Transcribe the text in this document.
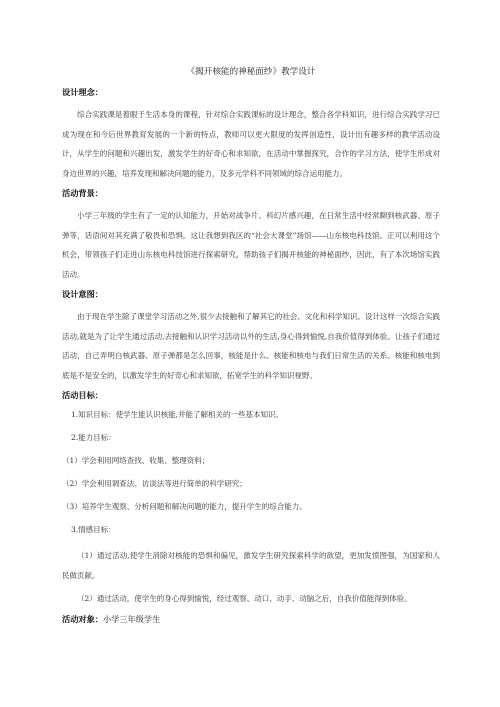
《揭开核能的神秘面纱》教学设计
设计理念：
综合实践课是着眼于生活本身的课程，针对综合实践课标的设计理念，整合各学科知识，进行综合实践学习已成为现在和今后世界教育发展的一个新的特点，教师可以更大限度的发挥创造性，设计出有趣多样的教学活动设计，从学生的问题和兴趣出发，激发学生的好奇心和求知欲，在活动中掌握探究，合作的学习方法，使学生形成对身边世界的兴趣，培养发现和解决问题的能力，及多元学科不同领域的综合运用能力。
活动背景：
小学三年级的学生有了一定的认知能力，开始对战争片、科幻片感兴趣，在日常生活中经常聊到核武器、原子弹等，话语间对其充满了敬畏和恐惧。这让我想到我区的“社会大课堂”场馆——山东核电科技馆。正可以利用这个机会，带领孩子们走进山东核电科技馆进行探索研究，帮助孩子们揭开核能的神秘面纱，因此，有了本次场馆实践活动。
设计意图：
由于现在学生除了课堂学习活动之外,很少去接触和了解其它的社会、文化和科学知识。设计这样一次综合实践活动,就是为了让学生通过活动,去接触和认识学习活动以外的生活,身心得到愉悦,自我价值得到体验。让孩子们通过活动，自己弄明白核武器、原子弹都是怎么回事，核能是什么、核能和核电与我们日常生活的关系、核能和核电到底是不是安全的，以激发学生的好奇心和求知欲，拓宽学生的科学知识视野。
活动目标：
1.知识目标：使学生能认识核能,并能了解相关的一些基本知识。
2.能力目标：
（1）学会利用网络查找、收集、整理资料；
（2）学会利用调查法、访谈法等进行简单的科学研究；
（3）培养学生观察、分析问题和解决问题的能力，提升学生的综合能力。
3.情感目标：
（1）通过活动,使学生消除对核能的恐惧和偏见，激发学生研究探索科学的欲望，更加发愤图强，为国家和人民做贡献。
（2）通过活动，使学生的身心得到愉悦，经过观察、动口、动手、动脑之后，自我价值能得到体验。
活动对象：小学三年级学生
